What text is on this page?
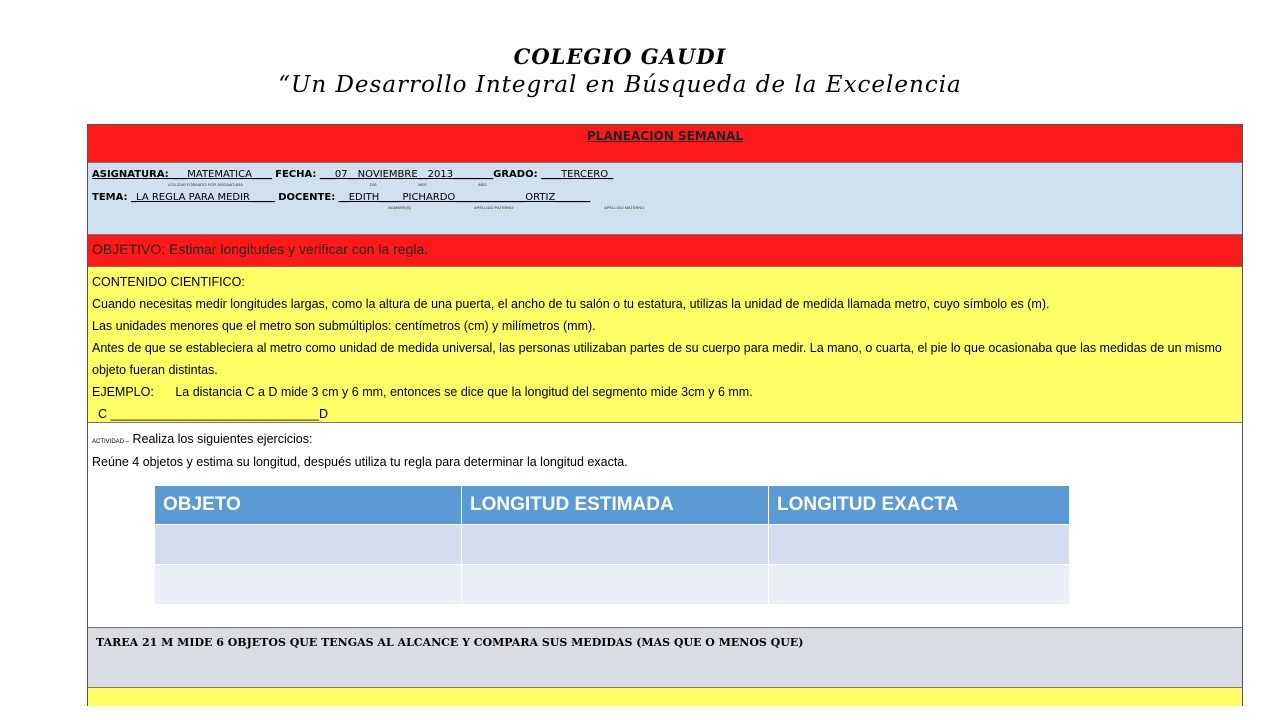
COLEGIO GAUDI
“Un Desarrollo Integral en Búsqueda de la Excelencia
PLANEACION SEMANAL
ASIGNATURA: ___MATEMATICA____ FECHA: ___07__NOVIEMBRE__2013________GRADO: ____TERCERO_
UTILIZAR FORMATO POR ASIGNATURA	DÍA	MES	AÑO
TEMA: _LA REGLA PARA MEDIR_____ DOCENTE: __EDITH____ PICHARDO______________ORTIZ_______
NOMBRE(S)	APELLIDO PATERNO	APELLIDO MATERNO
OBJETIVO: Estimar longitudes y verificar con la regla.
CONTENIDO CIENTIFICO:
Cuando necesitas medir longitudes largas, como la altura de una puerta, el ancho de tu salón o tu estatura, utilizas la unidad de medida llamada metro, cuyo símbolo es (m).
Las unidades menores que el metro son submúltiplos: centímetros (cm) y milímetros (mm).
Antes de que se estableciera al metro como unidad de medida universal, las personas utilizaban partes de su cuerpo para medir. La mano, o cuarta, el pie lo que ocasionaba que las medidas de un mismo objeto fueran distintas.
EJEMPLO: La distancia C a D mide 3 cm y 6 mm, entonces se dice que la longitud del segmento mide 3cm y 6 mm.
C ______________________________D
ACTIVIDAD – Realiza los siguientes ejercicios:
Reúne 4 objetos y estima su longitud, después utiliza tu regla para determinar la longitud exacta.
OBJETO	LONGITUD ESTIMADA	LONGITUD EXACTA

TAREA 21 M MIDE 6 OBJETOS QUE TENGAS AL ALCANCE Y COMPARA SUS MEDIDAS (MAS QUE O MENOS QUE)
